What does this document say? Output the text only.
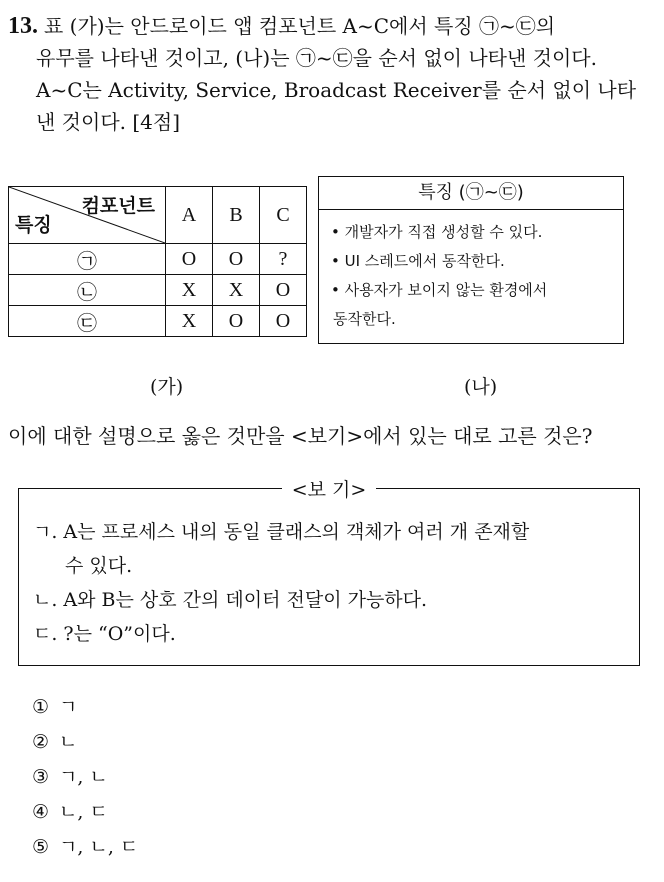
13. 표 (가)는 안드로이드 앱 컴포넌트 A~C에서 특징 ㉠~㉢의
유무를 나타낸 것이고, (나)는 ㉠~㉢을 순서 없이 나타낸 것이다.
A~C는 Activity, Service, Broadcast Receiver를 순서 없이 나타
낸 것이다. [4점]
컴포넌트
특징	A	B	C
㉠	O	O	?
㉡	X	X	O
㉢	X	O	O
특징 (㉠~㉢)
• 개발자가 직접 생성할 수 있다.
• UI 스레드에서 동작한다.
• 사용자가 보이지 않는 환경에서
동작한다.
(가)	(나)
이에 대한 설명으로 옳은 것만을 <보기>에서 있는 대로 고른 것은?
<보 기>
ㄱ. A는 프로세스 내의 동일 클래스의 객체가 여러 개 존재할
수 있다.
ㄴ. A와 B는 상호 간의 데이터 전달이 가능하다.
ㄷ. ?는 “O”이다.
① ㄱ
② ㄴ
③ ㄱ, ㄴ
④ ㄴ, ㄷ
⑤ ㄱ, ㄴ, ㄷ
